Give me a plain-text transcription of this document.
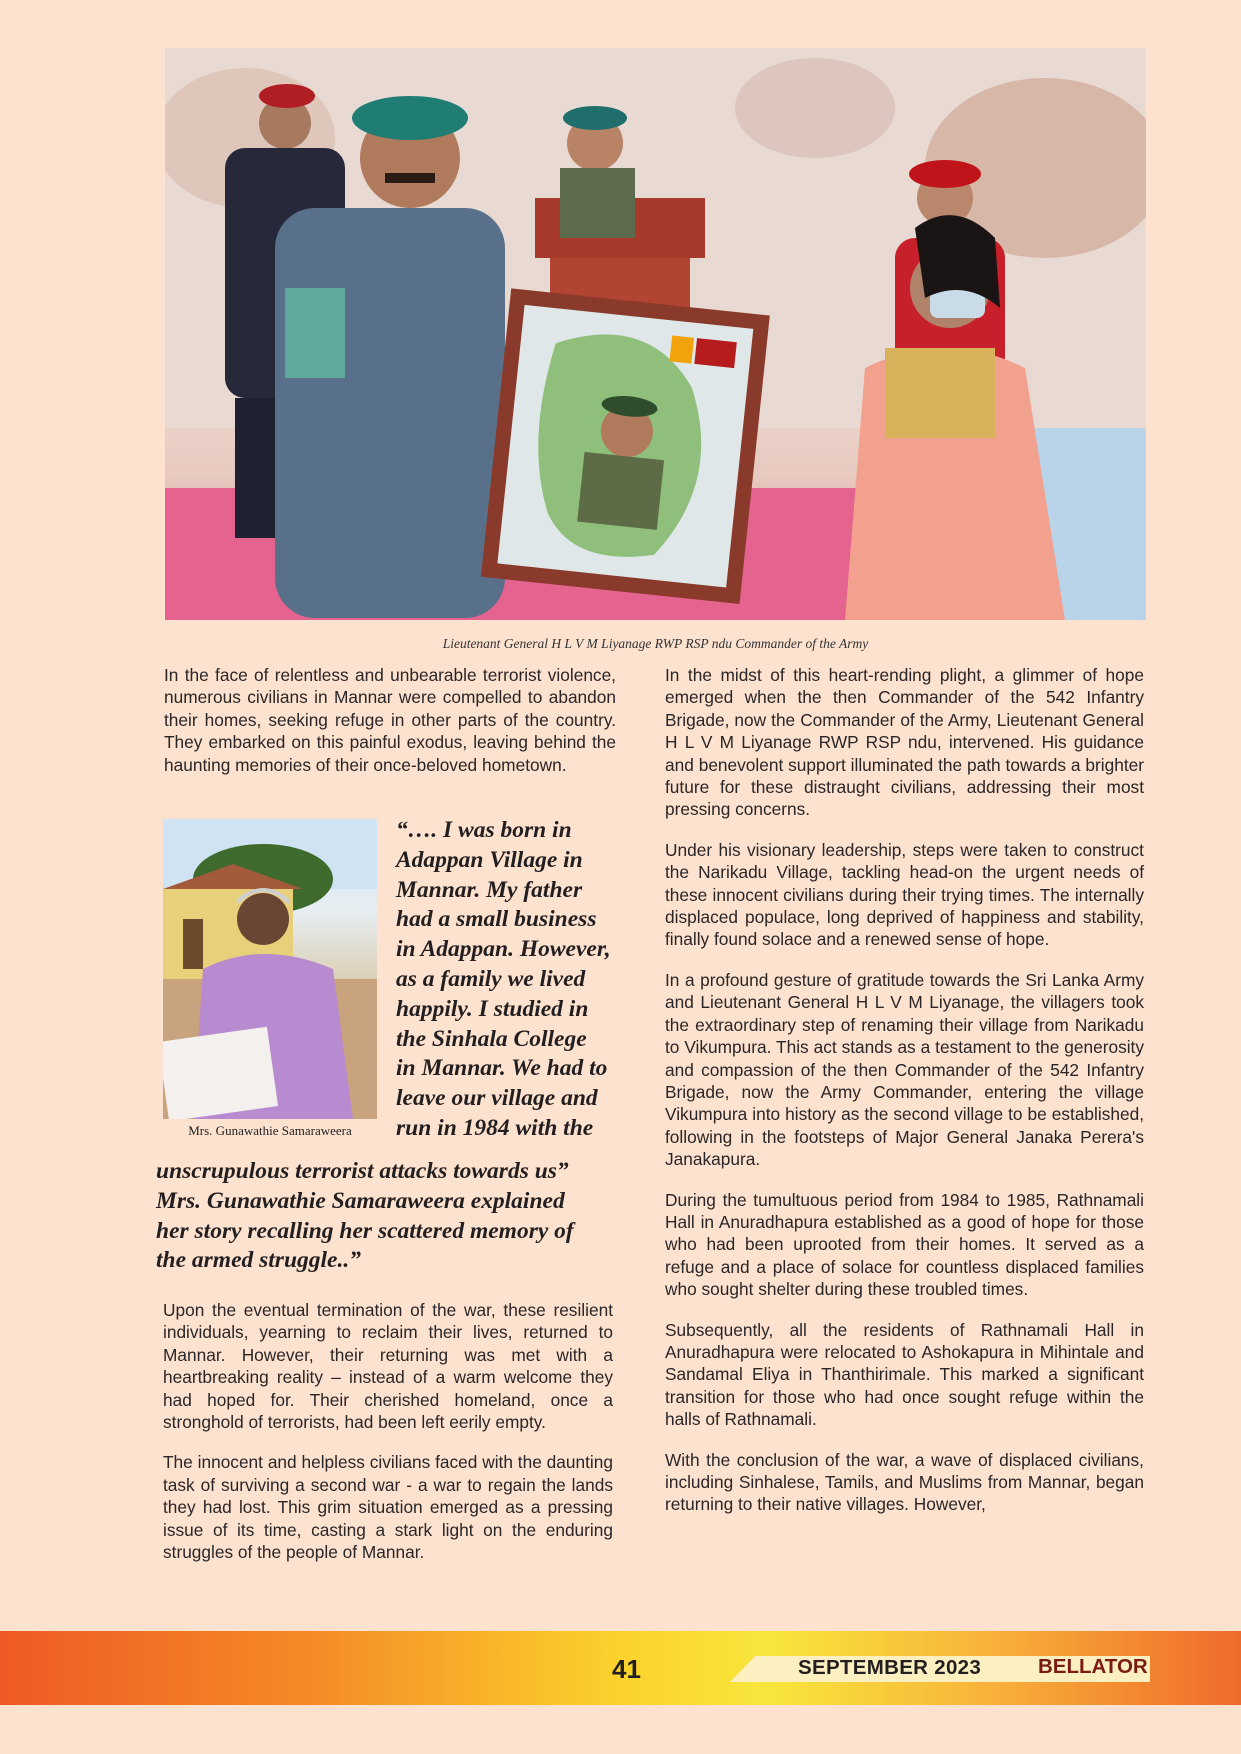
Lieutenant General H L V M Liyanage RWP RSP ndu Commander of the Army

In the face of relentless and unbearable terrorist violence, numerous civilians in Mannar were compelled to abandon their homes, seeking refuge in other parts of the country. They embarked on this painful exodus, leaving behind the haunting memories of their once-beloved hometown.

Mrs. Gunawathie Samaraweera
“…. I was born in
Adappan Village in
Mannar. My father
had a small business
in Adappan. However,
as a family we lived
happily. I studied in
the Sinhala College
in Mannar. We had to
leave our village and
run in 1984 with the
unscrupulous terrorist attacks towards us”
Mrs. Gunawathie Samaraweera explained
her story recalling her scattered memory of
the armed struggle..”

Upon the eventual termination of the war, these resilient individuals, yearning to reclaim their lives, returned to Mannar. However, their returning was met with a heartbreaking reality – instead of a warm welcome they had hoped for. Their cherished homeland, once a stronghold of terrorists, had been left eerily empty.

The innocent and helpless civilians faced with the daunting task of surviving a second war - a war to regain the lands they had lost. This grim situation emerged as a pressing issue of its time, casting a stark light on the enduring struggles of the people of Mannar.

In the midst of this heart-rending plight, a glimmer of hope emerged when the then Commander of the 542 Infantry Brigade, now the Commander of the Army, Lieutenant General H L V M Liyanage RWP RSP ndu, intervened. His guidance and benevolent support illuminated the path towards a brighter future for these distraught civilians, addressing their most pressing concerns.

Under his visionary leadership, steps were taken to construct the Narikadu Village, tackling head-on the urgent needs of these innocent civilians during their trying times. The internally displaced populace, long deprived of happiness and stability, finally found solace and a renewed sense of hope.

In a profound gesture of gratitude towards the Sri Lanka Army and Lieutenant General H L V M Liyanage, the villagers took the extraordinary step of renaming their village from Narikadu to Vikumpura. This act stands as a testament to the generosity and compassion of the then Commander of the 542 Infantry Brigade, now the Army Commander, entering the village Vikumpura into history as the second village to be established, following in the footsteps of Major General Janaka Perera's Janakapura.

During the tumultuous period from 1984 to 1985, Rathnamali Hall in Anuradhapura established as a good of hope for those who had been uprooted from their homes. It served as a refuge and a place of solace for countless displaced families who sought shelter during these troubled times.

Subsequently, all the residents of Rathnamali Hall in Anuradhapura were relocated to Ashokapura in Mihintale and Sandamal Eliya in Thanthirimale. This marked a significant transition for those who had once sought refuge within the halls of Rathnamali.

With the conclusion of the war, a wave of displaced civilians, including Sinhalese, Tamils, and Muslims from Mannar, began returning to their native villages. However,

41	SEPTEMBER 2023	BELLATOR
